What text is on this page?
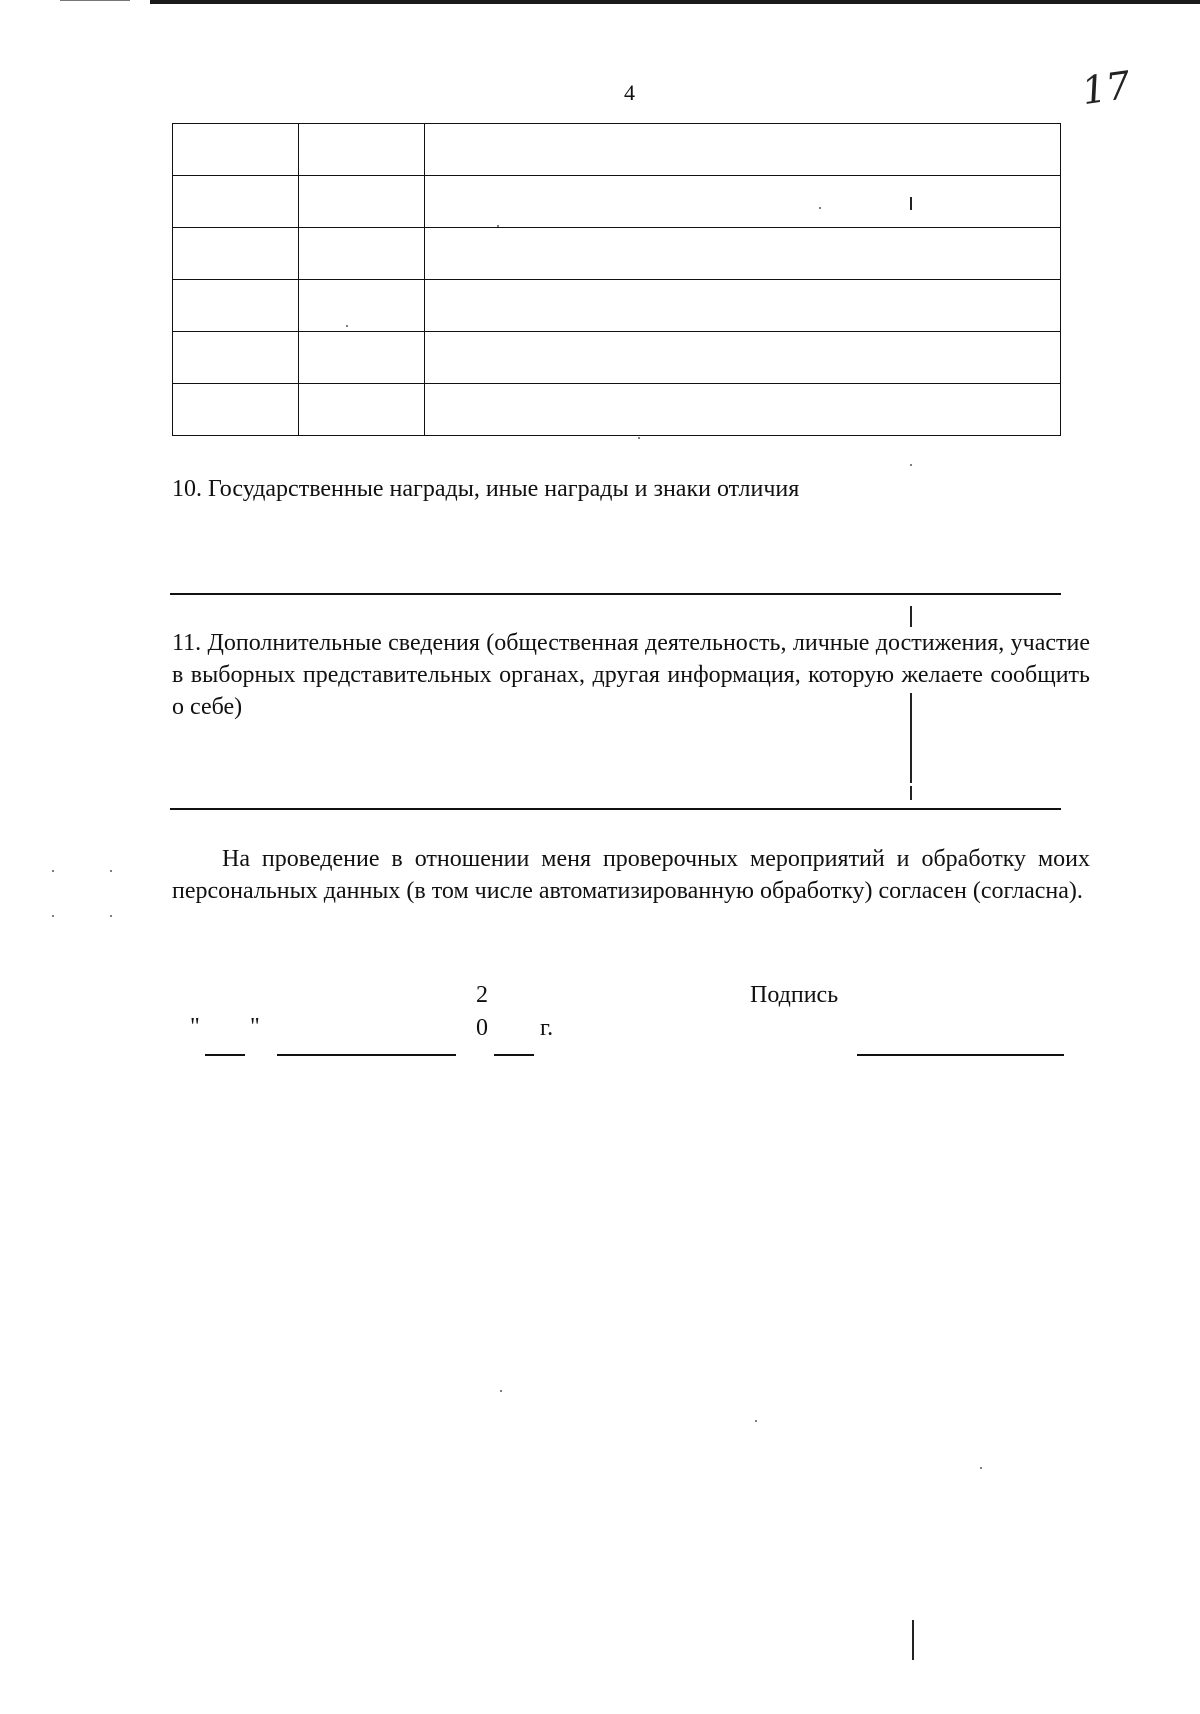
4	17

10. Государственные награды, иные награды и знаки отличия

11. Дополнительные сведения (общественная деятельность, личные достижения, участие в выборных представительных органах, другая информация, которую желаете сообщить о себе)

На проведение в отношении меня проверочных мероприятий и обработку моих персональных данных (в том числе автоматизированную обработку) согласен (согласна).

" "
2
0 г.
Подпись
